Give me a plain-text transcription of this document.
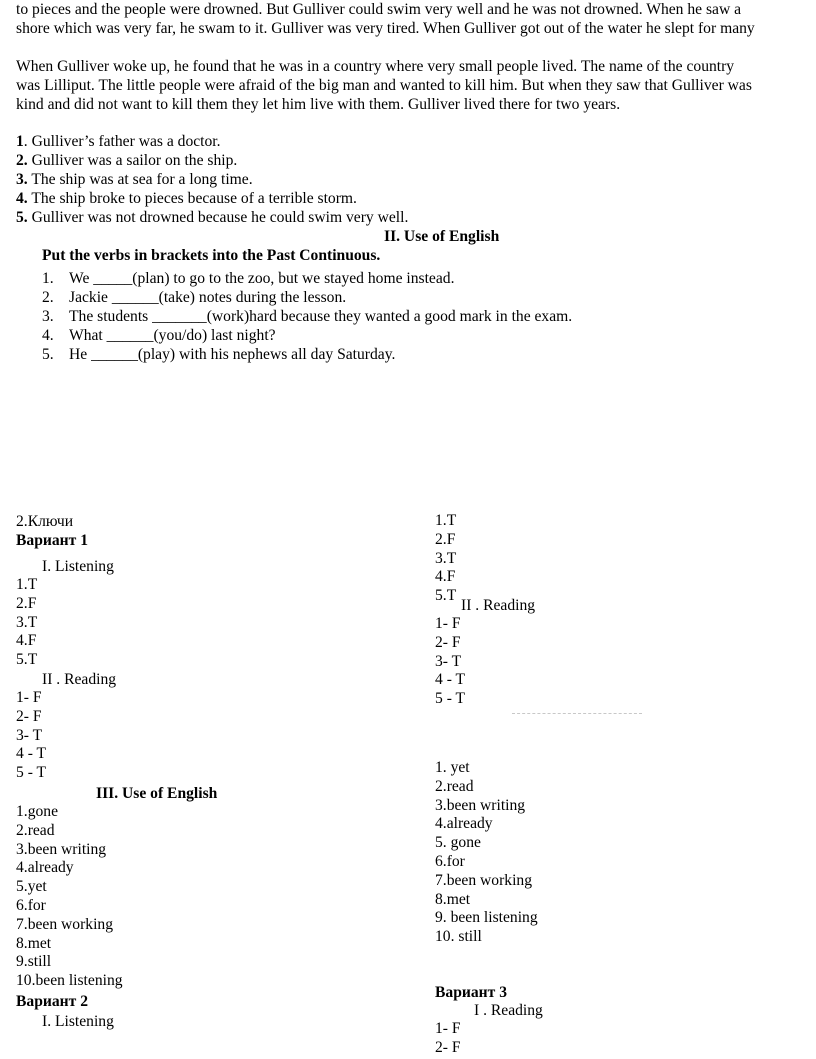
to pieces and the people were drowned. But Gulliver could swim very well and he was not drowned. When he saw a
shore which was very far, he swam to it. Gulliver was very tired. When Gulliver got out of the water he slept for many
When Gulliver woke up, he found that he was in a country where very small people lived. The name of the country
was Lilliput. The little people were afraid of the big man and wanted to kill him. But when they saw that Gulliver was
kind and did not want to kill them they let him live with them. Gulliver lived there for two years.
1. Gulliver’s father was a doctor.
2. Gulliver was a sailor on the ship.
3. The ship was at sea for a long time.
4. The ship broke to pieces because of a terrible storm.
5. Gulliver was not drowned because he could swim very well.
II. Use of English
Put the verbs in brackets into the Past Continuous.
1. We _____(plan) to go to the zoo, but we stayed home instead.
2. Jackie ______(take) notes during the lesson.
3. The students _______(work)hard because they wanted a good mark in the exam.
4. What ______(you/do) last night?
5. He ______(play) with his nephews all day Saturday.
2.Ключи
Вариант 1
I. Listening
1.T
2.F
3.T
4.F
5.T
II . Reading
1- F
2- F
3- T
4 - T
5 - T
III. Use of English
1.gone
2.read
3.been writing
4.already
5.yet
6.for
7.been working
8.met
9.still
10.been listening
Вариант 2
I. Listening
1.T
2.F
3.T
4.F
5.T
II . Reading
1- F
2- F
3- T
4 - T
5 - T
1. yet
2.read
3.been writing
4.already
5. gone
6.for
7.been working
8.met
9. been listening
10. still
Вариант 3
I . Reading
1- F
2- F
